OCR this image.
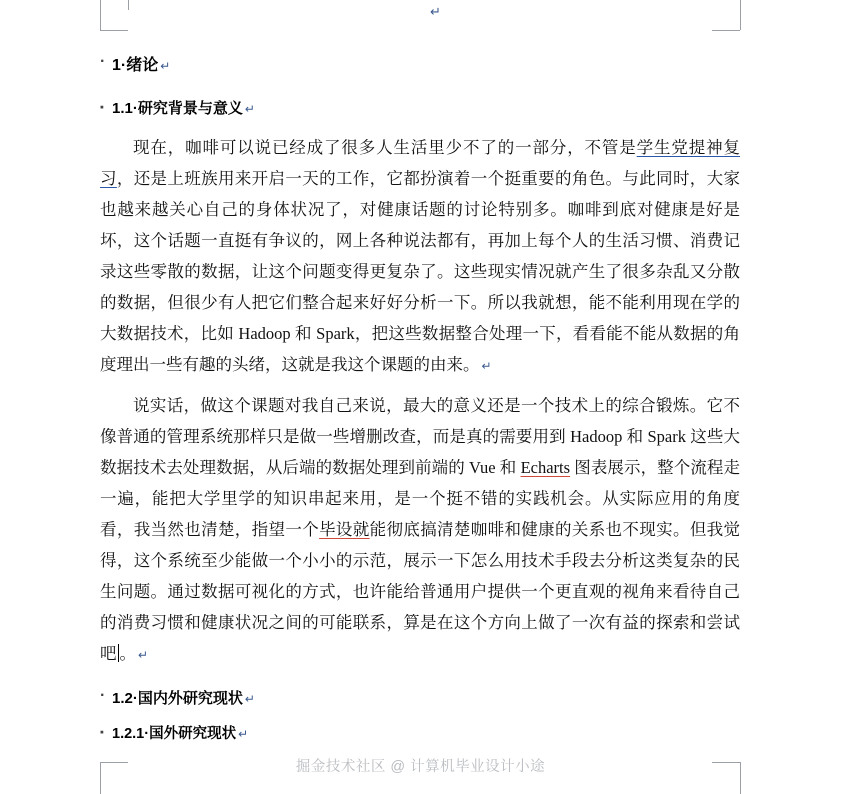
↵
·
1·绪论 ↵
▪
1.1·研究背景与意义 ↵

现在，咖啡可以说已经成了很多人生活里少不了的一部分，不管是学生党提神复习，还是上班族用来开启一天的工作，它都扮演着一个挺重要的角色。与此同时，大家也越来越关心自己的身体状况了，对健康话题的讨论特别多。咖啡到底对健康是好是坏，这个话题一直挺有争议的，网上各种说法都有，再加上每个人的生活习惯、消费记录这些零散的数据，让这个问题变得更复杂了。这些现实情况就产生了很多杂乱又分散的数据，但很少有人把它们整合起来好好分析一下。所以我就想，能不能利用现在学的大数据技术，比如 Hadoop 和 Spark，把这些数据整合处理一下，看看能不能从数据的角度理出一些有趣的头绪，这就是我这个课题的由来。 ↵

说实话，做这个课题对我自己来说，最大的意义还是一个技术上的综合锻炼。它不像普通的管理系统那样只是做一些增删改查，而是真的需要用到 Hadoop 和 Spark 这些大数据技术去处理数据，从后端的数据处理到前端的 Vue 和 Echarts 图表展示，整个流程走一遍，能把大学里学的知识串起来用，是一个挺不错的实践机会。从实际应用的角度看，我当然也清楚，指望一个毕设就能彻底搞清楚咖啡和健康的关系也不现实。但我觉得，这个系统至少能做一个小小的示范，展示一下怎么用技术手段去分析这类复杂的民生问题。通过数据可视化的方式，也许能给普通用户提供一个更直观的视角来看待自己的消费习惯和健康状况之间的可能联系，算是在这个方向上做了一次有益的探索和尝试吧 。 ↵

·
1.2·国内外研究现状 ↵
▪
1.2.1·国外研究现状 ↵
掘金技术社区 @ 计算机毕业设计小途
